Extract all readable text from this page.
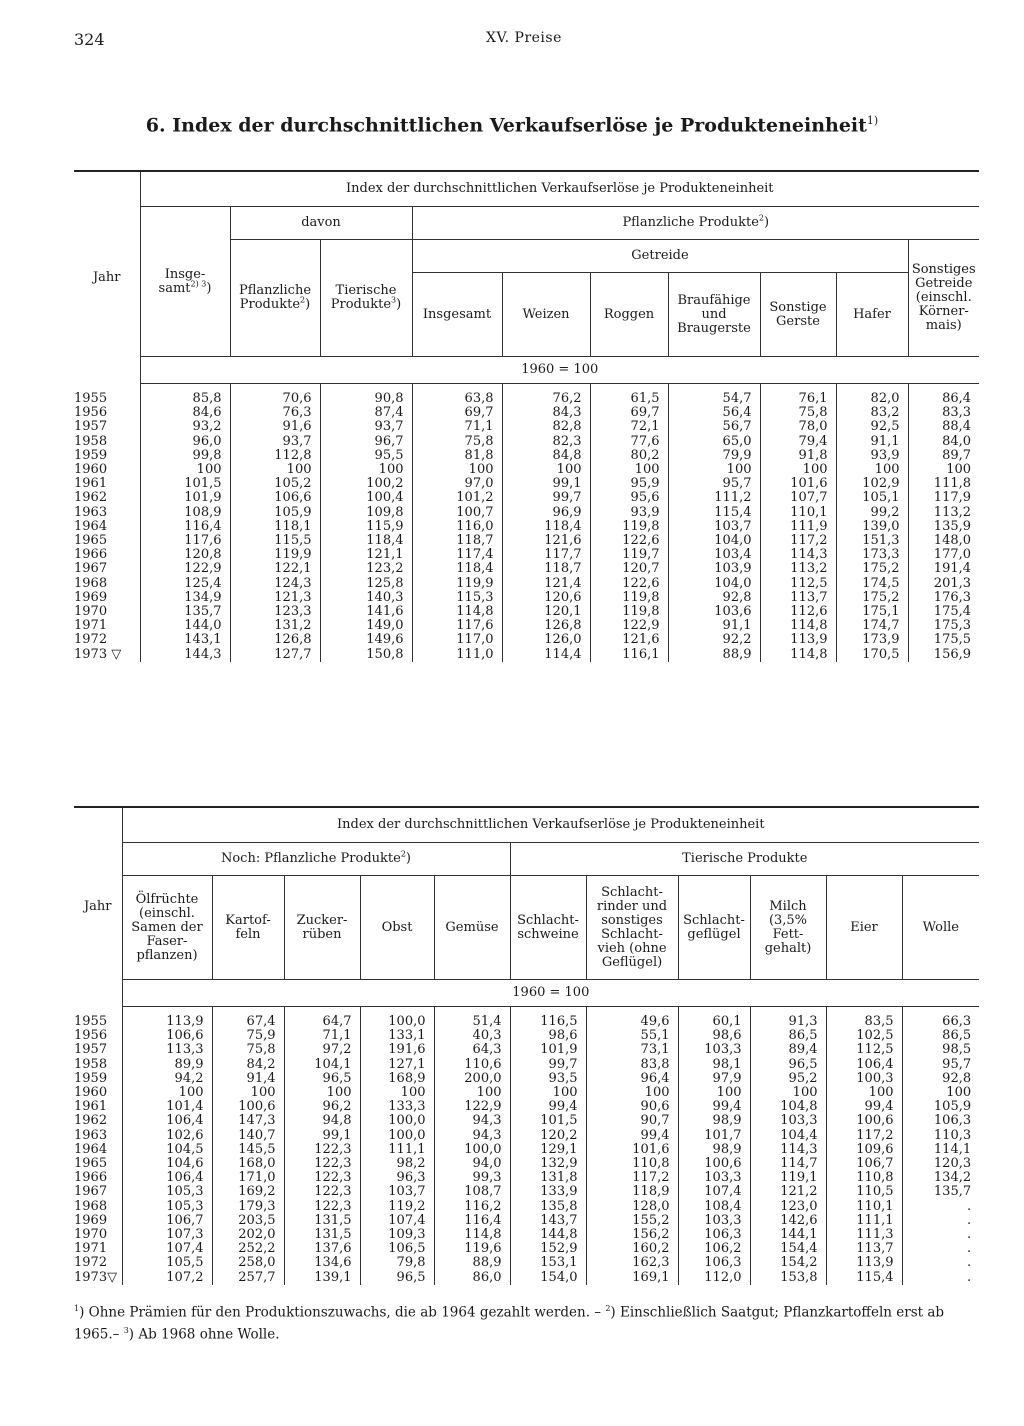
324	XV. Preise
6. Index der durchschnittlichen Verkaufserlöse je Produkteneinheit$^{1)}$
Jahr	Index der durchschnittlichen Verkaufserlöse je Produkteneinheit									
	Insge-
samt$^{2) 3}$)	davon		Pflanzliche Produkte$^2$)						
		Pflanzliche Produkte$^2$)	Tierische Produkte$^3$)	Getreide						Sonstiges Getreide (einschl. Körner-mais)
				Insgesamt	Weizen	Roggen	Braufähige und Braugerste	Sonstige Gerste	Hafer	
	1960 = 100									
1955	85,8	70,6	90,8	63,8	76,2	61,5	54,7	76,1	82,0	86,4
1956	84,6	76,3	87,4	69,7	84,3	69,7	56,4	75,8	83,2	83,3
1957	93,2	91,6	93,7	71,1	82,8	72,1	56,7	78,0	92,5	88,4
1958	96,0	93,7	96,7	75,8	82,3	77,6	65,0	79,4	91,1	84,0
1959	99,8	112,8	95,5	81,8	84,8	80,2	79,9	91,8	93,9	89,7
1960	100	100	100	100	100	100	100	100	100	100
1961	101,5	105,2	100,2	97,0	99,1	95,9	95,7	101,6	102,9	111,8
1962	101,9	106,6	100,4	101,2	99,7	95,6	111,2	107,7	105,1	117,9
1963	108,9	105,9	109,8	100,7	96,9	93,9	115,4	110,1	99,2	113,2
1964	116,4	118,1	115,9	116,0	118,4	119,8	103,7	111,9	139,0	135,9
1965	117,6	115,5	118,4	118,7	121,6	122,6	104,0	117,2	151,3	148,0
1966	120,8	119,9	121,1	117,4	117,7	119,7	103,4	114,3	173,3	177,0
1967	122,9	122,1	123,2	118,4	118,7	120,7	103,9	113,2	175,2	191,4
1968	125,4	124,3	125,8	119,9	121,4	122,6	104,0	112,5	174,5	201,3
1969	134,9	121,3	140,3	115,3	120,6	119,8	92,8	113,7	175,2	176,3
1970	135,7	123,3	141,6	114,8	120,1	119,8	103,6	112,6	175,1	175,4
1971	144,0	131,2	149,0	117,6	126,8	122,9	91,1	114,8	174,7	175,3
1972	143,1	126,8	149,6	117,0	126,0	121,6	92,2	113,9	173,9	175,5
1973 ▽	144,3	127,7	150,8	111,0	114,4	116,1	88,9	114,8	170,5	156,9
Jahr	Index der durchschnittlichen Verkaufserlöse je Produkteneinheit										
	Noch: Pflanzliche Produkte$^2$)					Tierische Produkte					
	Ölfrüchte (einschl. Samen der Faser-pflanzen)	Kartof-feln	Zucker-rüben	Obst	Gemüse	Schlacht-schweine	Schlacht-rinder und sonstiges Schlacht-vieh (ohne Geflügel)	Schlacht-geflügel	Milch (3,5% Fett-gehalt)	Eier	Wolle
	1960 = 100										
1955	113,9	67,4	64,7	100,0	51,4	116,5	49,6	60,1	91,3	83,5	66,3
1956	106,6	75,9	71,1	133,1	40,3	98,6	55,1	98,6	86,5	102,5	86,5
1957	113,3	75,8	97,2	191,6	64,3	101,9	73,1	103,3	89,4	112,5	98,5
1958	89,9	84,2	104,1	127,1	110,6	99,7	83,8	98,1	96,5	106,4	95,7
1959	94,2	91,4	96,5	168,9	200,0	93,5	96,4	97,9	95,2	100,3	92,8
1960	100	100	100	100	100	100	100	100	100	100	100
1961	101,4	100,6	96,2	133,3	122,9	99,4	90,6	99,4	104,8	99,4	105,9
1962	106,4	147,3	94,8	100,0	94,3	101,5	90,7	98,9	103,3	100,6	106,3
1963	102,6	140,7	99,1	100,0	94,3	120,2	99,4	101,7	104,4	117,2	110,3
1964	104,5	145,5	122,3	111,1	100,0	129,1	101,6	98,9	114,3	109,6	114,1
1965	104,6	168,0	122,3	98,2	94,0	132,9	110,8	100,6	114,7	106,7	120,3
1966	106,4	171,0	122,3	96,3	99,3	131,8	117,2	103,3	119,1	110,8	134,2
1967	105,3	169,2	122,3	103,7	108,7	133,9	118,9	107,4	121,2	110,5	135,7
1968	105,3	179,3	122,3	119,2	116,2	135,8	128,0	108,4	123,0	110,1	.
1969	106,7	203,5	131,5	107,4	116,4	143,7	155,2	103,3	142,6	111,1	.
1970	107,3	202,0	131,5	109,3	114,8	144,8	156,2	106,3	144,1	111,3	.
1971	107,4	252,2	137,6	106,5	119,6	152,9	160,2	106,2	154,4	113,7	.
1972	105,5	258,0	134,6	79,8	88,9	153,1	162,3	106,3	154,2	113,9	.
1973▽	107,2	257,7	139,1	96,5	86,0	154,0	169,1	112,0	153,8	115,4	.
$^1$) Ohne Prämien für den Produktionszuwachs, die ab 1964 gezahlt werden. – $^2$) Einschließlich Saatgut; Pflanzkartoffeln erst ab 1965.– $^3$) Ab 1968 ohne Wolle.
